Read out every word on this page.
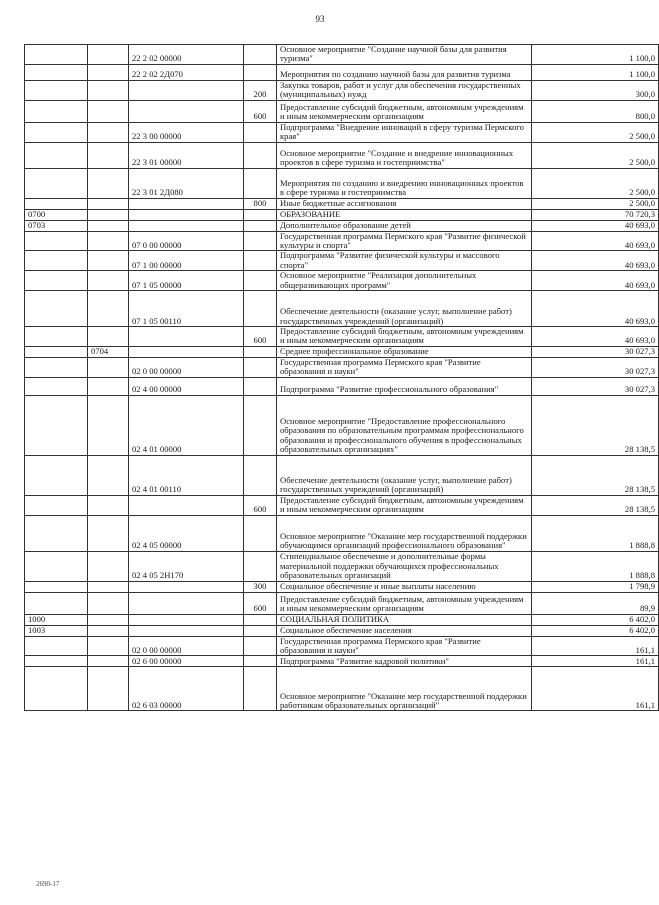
93
		22 2 02 00000		Основное мероприятие "Создание научной базы для развития туризма"	1 100,0
		22 2 02 2Д070		Мероприятия по созданию научной базы для развития туризма	1 100,0
			200	Закупка товаров, работ и услуг для обеспечения государственных (муниципальных) нужд	300,0
			600	Предоставление субсидий бюджетным, автономным учреждениям и иным некоммерческим организациям	800,0
		22 3 00 00000		Подпрограмма "Внедрение инноваций в сферу туризма Пермского края"	2 500,0
		22 3 01 00000		Основное мероприятие "Создание и внедрение инновационных проектов в сфере туризма и гостеприимства"	2 500,0
		22 3 01 2Д080		Мероприятия по созданию и внедрению инновационных проектов в сфере туризма и гостеприимства	2 500,0
			800	Иные бюджетные ассигнования	2 500,0
0700				ОБРАЗОВАНИЕ	70 720,3
0703				Дополнительное образование детей	40 693,0
		07 0 00 00000		Государственная программа Пермского края "Развитие физической культуры и спорта"	40 693,0
		07 1 00 00000		Подпрограмма "Развитие физической культуры и массового спорта"	40 693,0
		07 1 05 00000		Основное мероприятие "Реализация дополнительных общеразвивающих программ"	40 693,0
		07 1 05 00110		Обеспечение деятельности (оказание услуг, выполнение работ) государственных учреждений (организаций)	40 693,0
			600	Предоставление субсидий бюджетным, автономным учреждениям и иным некоммерческим организациям	40 693,0
	0704			Среднее профессиональное образование	30 027,3
		02 0 00 00000		Государственная программа Пермского края "Развитие образования и науки"	30 027,3
		02 4 00 00000		Подпрограмма "Развитие профессионального образования"	30 027,3
		02 4 01 00000		Основное мероприятие "Предоставление профессионального образования по образовательным программам профессионального образования и профессионального обучения в профессиональных образовательных организациях"	28 138,5
		02 4 01 00110		Обеспечение деятельности (оказание услуг, выполнение работ) государственных учреждений (организаций)	28 138,5
			600	Предоставление субсидий бюджетным, автономным учреждениям и иным некоммерческим организациям	28 138,5
		02 4 05 00000		Основное мероприятие "Оказание мер государственной поддержки обучающимся организаций профессионального образования"	1 888,8
		02 4 05 2Н170		Стипендиальное обеспечение и дополнительные формы материальной поддержки обучающихся профессиональных образовательных организаций	1 888,8
			300	Социальное обеспечение и иные выплаты населению	1 798,9
			600	Предоставление субсидий бюджетным, автономным учреждениям и иным некоммерческим организациям	89,9
1000				СОЦИАЛЬНАЯ ПОЛИТИКА	6 402,0
1003				Социальное обеспечение населения	6 402,0
		02 0 00 00000		Государственная программа Пермского края "Развитие образования и науки"	161,1
		02 6 00 00000		Подпрограмма "Развитие кадровой политики"	161,1
		02 6 03 00000		Основное мероприятие "Оказание мер государственной поддержки работникам образовательных организаций"	161,1
2690-17
